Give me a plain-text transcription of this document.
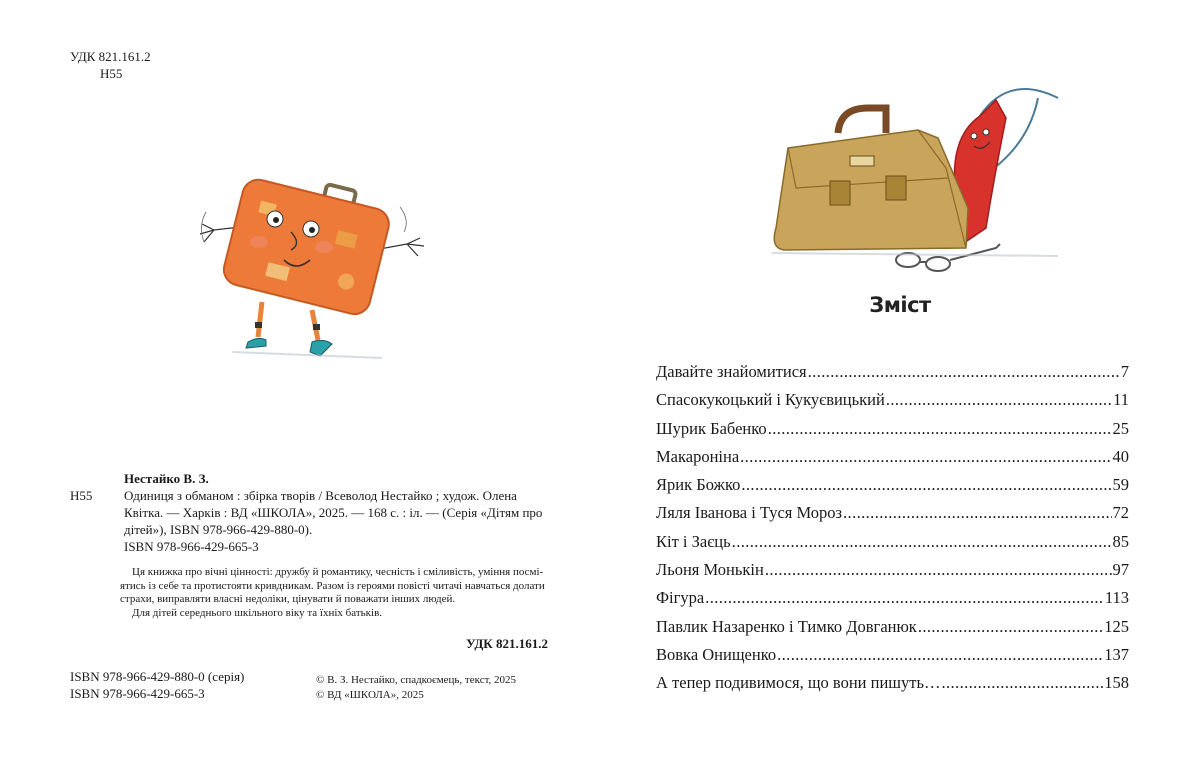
УДК 821.161.2
Н55
Нестайко В. З.
Н55	Одиниця з обманом : збірка творів / Всеволод Нестайко ; худож. Олена Квітка. — Харків : ВД «ШКОЛА», 2025. — 168 с. : іл. — (Серія «Дітям про дітей»), ISBN 978-966-429-880-0).
ISBN 978-966-429-665-3

Ця книжка про вічні цінності: дружбу й романтику, чесність і сміливість, уміння посміятись із себе та протистояти кривдникам. Разом із героями повісті читачі навчаться долати страхи, виправляти власні недоліки, цінувати й поважати інших людей.

Для дітей середнього шкільного віку та їхніх батьків.

УДК 821.161.2
ISBN 978-966-429-880-0 (серія)
ISBN 978-966-429-665-3
© В. З. Нестайко, спадкоємець, текст, 2025
© ВД «ШКОЛА», 2025
Зміст
Давайте знайомитися .....	7
Спасокукоцький і Кукуєвицький .....	11
Шурик Бабенко .....	25
Макароніна .....	40
Ярик Божко .....	59
Ляля Іванова і Туся Мороз .....	72
Кіт і Заєць .....	85
Льоня Монькін .....	97
Фігура .....	113
Павлик Назаренко і Тимко Довганюк .....	125
Вовка Онищенко .....	137
А тепер подивимося, що вони пишуть… .....	158
